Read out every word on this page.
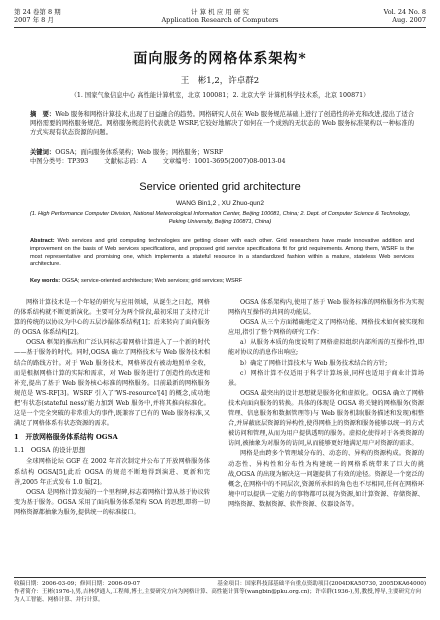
第 24 卷第 8 期
2007 年 8 月
计 算 机 应 用 研 究
Application Research of Computers
Vol. 24 No. 8
Aug. 2007
面向服务的网格体系架构*
王　彬1,2，许卓群2
（1. 国家气象信息中心 高性能计算机室，北京 100081；2. 北京大学 计算机科学技术系，北京 100871）
摘　要：Web 服务和网格计算技术,出现了日益融合的趋势。网格研究人员在 Web 服务规范基础上进行了创造性的补充和改进,提出了适合网格需要的网格服务规范。网格服务规范的代表就是 WSRF,它较好地解决了如何在一个成熟的无状态的 Web 服务标准架构以一种标准的方式实现有状态资源的问题。
关键词：OGSA；面向服务体系架构；Web 服务；网格服务；WSRF
中图分类号：TP393	文献标志码：A	文章编号：1001-3695(2007)08-0013-04
Service oriented grid architecture
WANG Bin1,2 , XU Zhuo-qun2
(1. High Performance Computer Division, National Meteorological Information Center, Beijing 100081, China; 2. Dept. of Computer Science & Technology, Peking University, Beijing 100871, China)
Abstract: Web services and grid computing technologies are getting closer with each other. Grid researchers have made innovative addition and improvement on the basis of Web services specifications, and proposed grid service specifications fit for grid requirements. Among them, WSRF is the most representative and promising one, which implements a stateful resource in a standardized fashion within a mature, stateless Web services architecture.
Key words: OGSA; service-oriented architecture; Web services; grid services; WSRF

网格计算技术是一个年轻的研究与应用领域，从诞生之日起，网格的体系结构就不断更新演化。主要可分为两个阶段,最初采用了支持元计算的传统的以协议为中心的五层沙漏体系结构[1]；后来转向了面向服务的 OGSA 体系结构[2]。

OGSA 框架的推出和广泛认同标志着网格计算进入了一个新的时代——基于服务的时代。同时,OGSA 确立了网格技术与 Web 服务技术相结合的路线方针。对于 Web 服务技术，网格界没有被动地照单全收，而是根据网格计算的实际和需求，对 Web 服务进行了创造性的改进和补充,提出了基于 Web 服务核心标准的网格服务。目前最新的网格服务规范是 WS-RF[3]。WSRF 引入了'WS-resource'[4] 的概念,成功地把'有状态(stateful ness)'能力加到 Web 服务中,并将其推向标准化。这是一个完全突破的非常重大的事件,既兼容了已有的 Web 服务标准,又满足了网格体系有状态资源的需求。

1　开放网格服务体系结构 OGSA
1.1　OGSA 的设计思想

全球网格论坛 GGF 在 2002 年首次制定并公布了开放网格服务体系结构 OGSA[5],此后 OGSA 的规范不断地得到演进、更新和完善,2005 年正式发布 1.0 版[2]。

OGSA 是网格计算发展的一个里程碑,标志着网格计算从基于协议转变为基于服务。OGSA 采用了面向服务体系架构 SOA 的思想,即将一切网格资源都抽象为服务,提供统一的标准接口。

OGSA 体系架构内,使用了基于 Web 服务标准的网格服务作为实现网格内互操作的共同的功能层。

OGSA 从三个方面精确地定义了网格功能、网格技术如何被实现和应用,指引了整个网格的研究工作：

a）从服务本质的角度说明了网格虚拟组织内部所需的互操作性,即能对协议的消息作出响应;

b）确定了网格计算技术与 Web 服务技术结合的方针;

c）网格计算不仅适用于科学计算场景,同样也适用于商业计算场景。

OGSA 最突出的设计思想就是服务化和虚拟化。OGSA 确立了网格技术向面向服务的转换。具体的体现是 OGSA 将关键的网格服务(资源管理、信息服务和数据管理等)与 Web 服务机制(服务描述和发现)相整合,并屏蔽底层资源的异构性,使得网格上的资源和服务能够以统一的方式被访问和管理,从而为用户提供透明的服务。虚拟化使得对于各类资源的访问,被抽象为对服务的访问,从而能够更好地满足用户对资源的需求。

网格是由跨多个管理域分布的、动态的、异构的资源构成。资源的动态性、异构性和分布性为构建统一的网格系统带来了巨大的挑战,OGSA 的出现为解决这一问题提供了有效的途径。资源是一个宽泛的概念,在网格中的不同层次,资源所承担的角色也不尽相同,任何在网格环境中可以提供一定能力的事物都可以视为资源,如计算资源、存储资源、网络资源、数据资源、软件资源、仪器设备等。

收稿日期：2006-03-09；修回日期：2006-09-07	基金项目：国家科技部基础平台重点资助项目(2004DKA50730, 2005DKA64000)
作者简介：王彬(1976-),男,吉林伊通人,工程师,博士,主要研究方向为网格计算、高性能计算等(wangbin@pku.org.cn)；许卓群(1936-),男,教授,博导,主要研究方向为人工智能、网格计算、并行计算。
